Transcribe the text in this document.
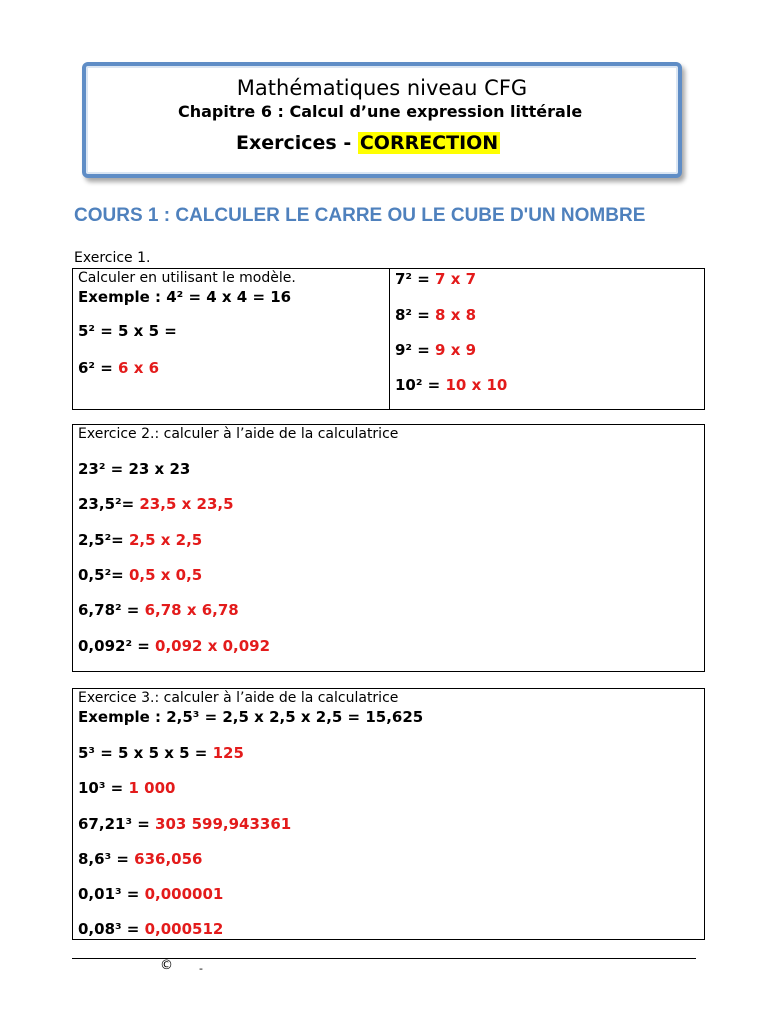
Mathématiques niveau CFG
Chapitre 6 : Calcul d’une expression littérale
Exercices - CORRECTION
COURS 1 : CALCULER LE CARRE OU LE CUBE D'UN NOMBRE
Exercice 1.
Calculer en utilisant le modèle.
Exemple : 4² = 4 x 4 = 16
5² = 5 x 5 =
6² = 6 x 6
7² = 7 x 7
8² = 8 x 8
9² = 9 x 9
10² = 10 x 10
Exercice 2.: calculer à l’aide de la calculatrice
23² = 23 x 23
23,5²= 23,5 x 23,5
2,5²= 2,5 x 2,5
0,5²= 0,5 x 0,5
6,78² = 6,78 x 6,78
0,092² = 0,092 x 0,092
Exercice 3.: calculer à l’aide de la calculatrice
Exemple : 2,5³ = 2,5 x 2,5 x 2,5 = 15,625
5³ = 5 x 5 x 5 = 125
10³ = 1 000
67,21³ = 303 599,943361
8,6³ = 636,056
0,01³ = 0,000001
0,08³ = 0,000512
© -
